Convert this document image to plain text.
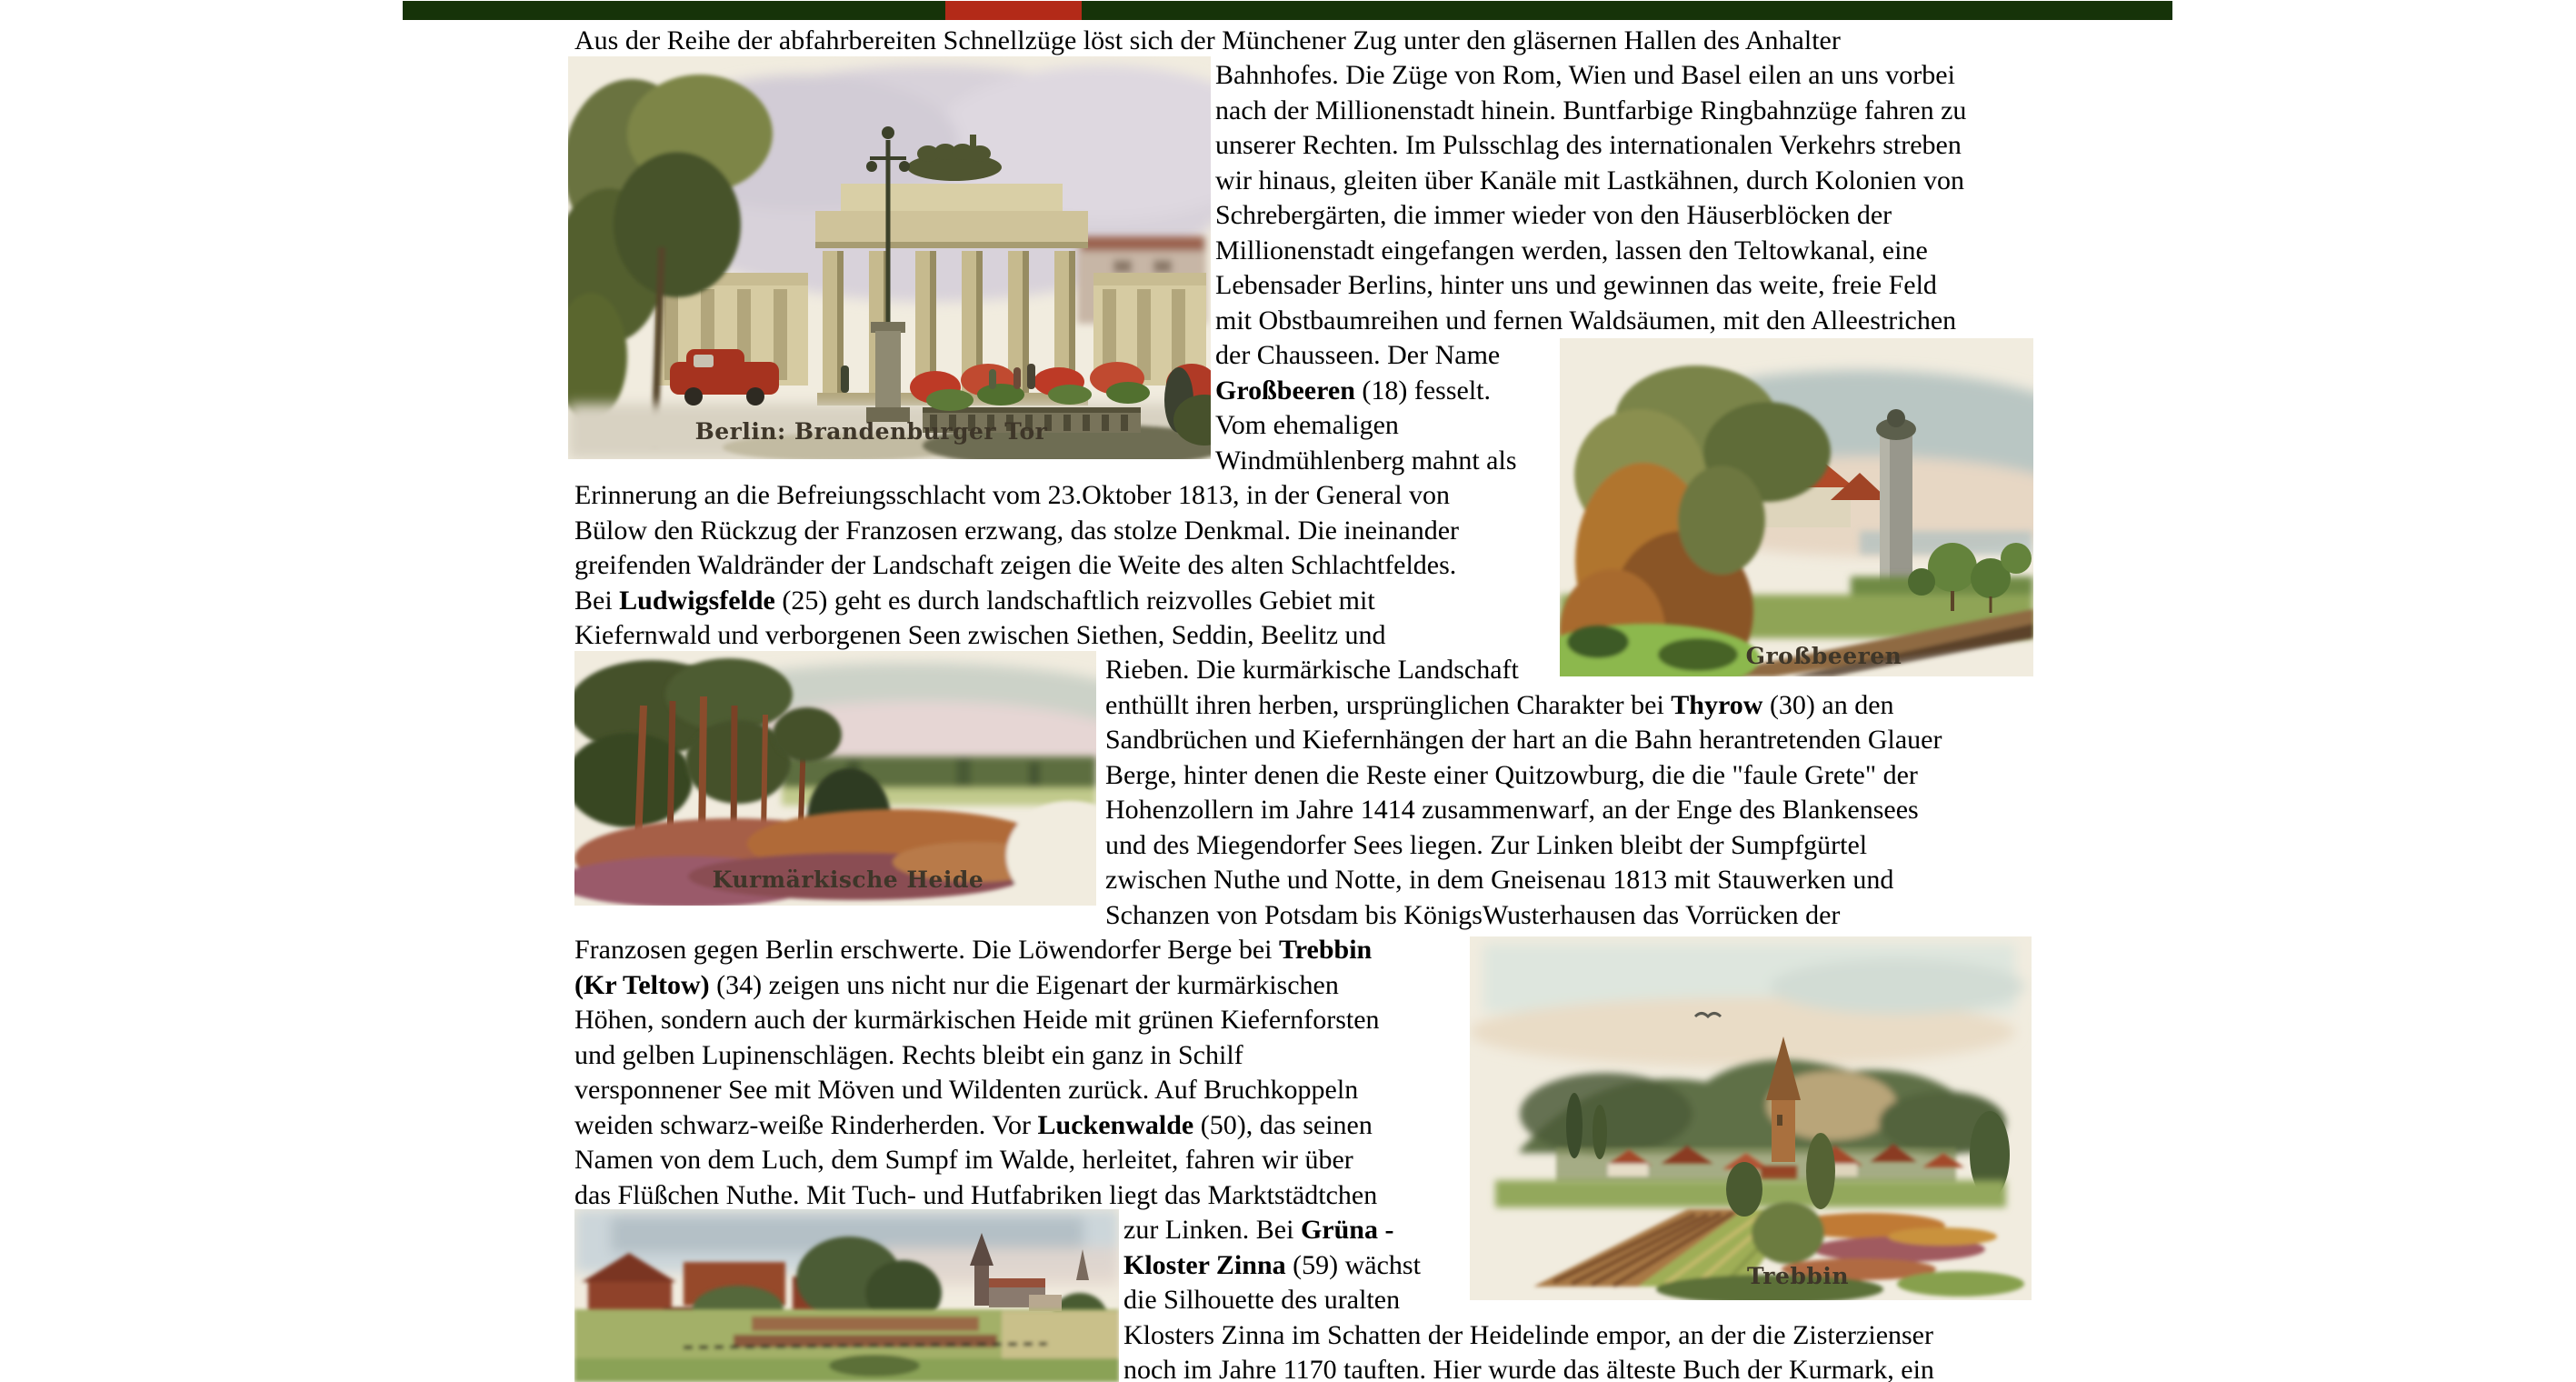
Aus der Reihe der abfahrbereiten Schnellzüge löst sich der Münchener Zug unter den gläsernen Hallen des Anhalter
Bahnhofes. Die Züge von Rom, Wien und Basel eilen an uns vorbei
nach der Millionenstadt hinein. Buntfarbige Ringbahnzüge fahren zu
unserer Rechten. Im Pulsschlag des internationalen Verkehrs streben
wir hinaus, gleiten über Kanäle mit Lastkähnen, durch Kolonien von
Schrebergärten, die immer wieder von den Häuserblöcken der
Millionenstadt eingefangen werden, lassen den Teltowkanal, eine
Lebensader Berlins, hinter uns und gewinnen das weite, freie Feld
mit Obstbaumreihen und fernen Waldsäumen, mit den Alleestrichen
der Chausseen. Der Name
Großbeeren (18) fesselt.
Vom ehemaligen
Windmühlenberg mahnt als
Erinnerung an die Befreiungsschlacht vom 23.Oktober 1813, in der General von
Bülow den Rückzug der Franzosen erzwang, das stolze Denkmal. Die ineinander
greifenden Waldränder der Landschaft zeigen die Weite des alten Schlachtfeldes.
Bei Ludwigsfelde (25) geht es durch landschaftlich reizvolles Gebiet mit
Kiefernwald und verborgenen Seen zwischen Siethen, Seddin, Beelitz und
Rieben. Die kurmärkische Landschaft
enthüllt ihren herben, ursprünglichen Charakter bei Thyrow (30) an den
Sandbrüchen und Kiefernhängen der hart an die Bahn herantretenden Glauer
Berge, hinter denen die Reste einer Quitzowburg, die die "faule Grete" der
Hohenzollern im Jahre 1414 zusammenwarf, an der Enge des Blankensees
und des Miegendorfer Sees liegen. Zur Linken bleibt der Sumpfgürtel
zwischen Nuthe und Notte, in dem Gneisenau 1813 mit Stauwerken und
Schanzen von Potsdam bis KönigsWusterhausen das Vorrücken der
Franzosen gegen Berlin erschwerte. Die Löwendorfer Berge bei Trebbin
(Kr Teltow) (34) zeigen uns nicht nur die Eigenart der kurmärkischen
Höhen, sondern auch der kurmärkischen Heide mit grünen Kiefernforsten
und gelben Lupinenschlägen. Rechts bleibt ein ganz in Schilf
versponnener See mit Möven und Wildenten zurück. Auf Bruchkoppeln
weiden schwarz-weiße Rinderherden. Vor Luckenwalde (50), das seinen
Namen von dem Luch, dem Sumpf im Walde, herleitet, fahren wir über
das Flüßchen Nuthe. Mit Tuch- und Hutfabriken liegt das Marktstädtchen
zur Linken. Bei Grüna -
Kloster Zinna (59) wächst
die Silhouette des uralten
Klosters Zinna im Schatten der Heidelinde empor, an der die Zisterzienser
noch im Jahre 1170 tauften. Hier wurde das älteste Buch der Kurmark, ein
Berlin: Brandenburger Tor
Großbeeren
Kurmärkische Heide
Trebbin
